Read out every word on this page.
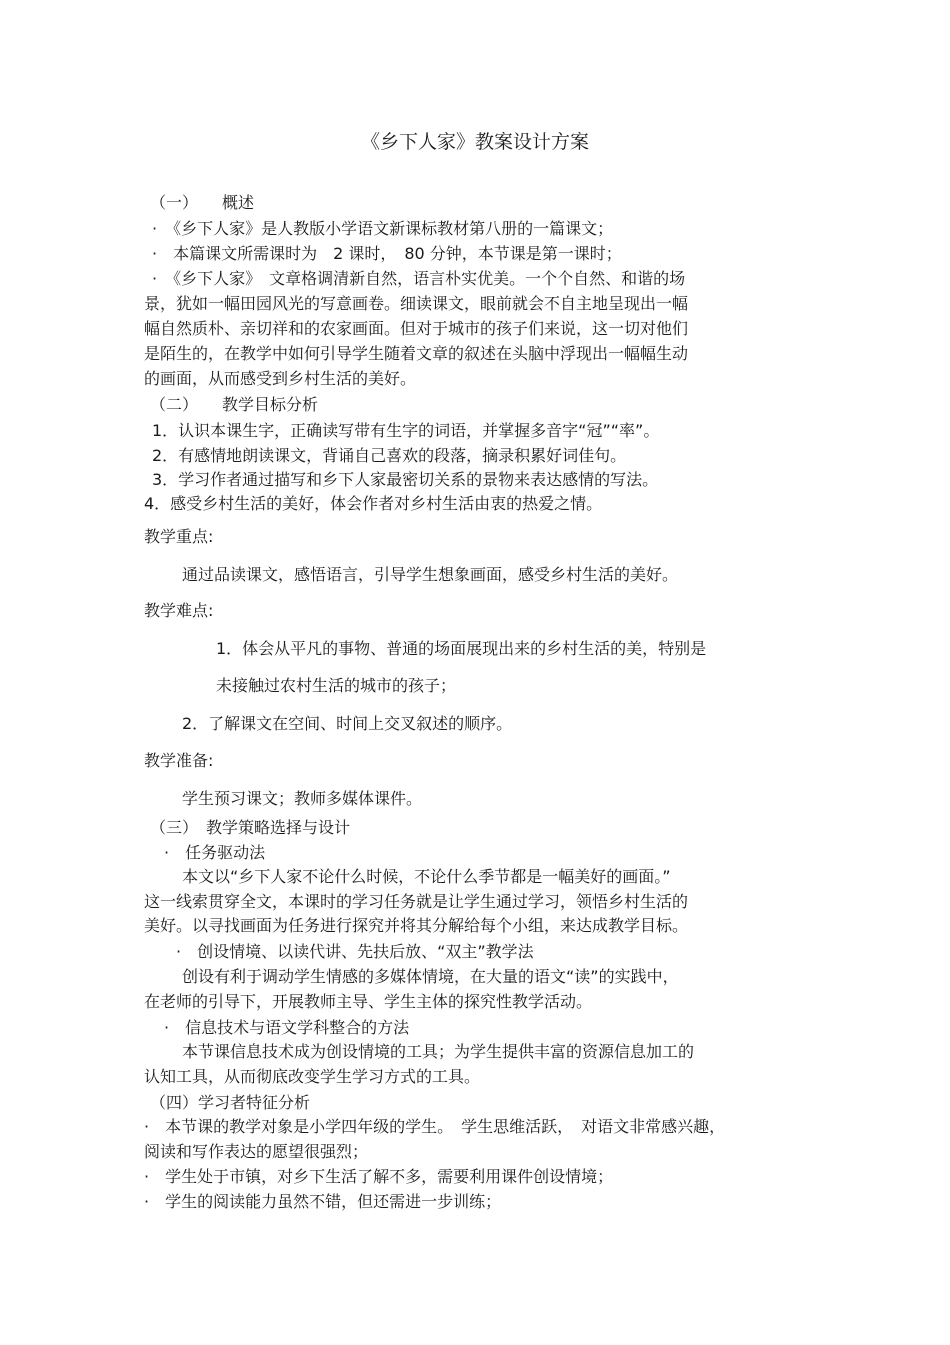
《乡下人家》教案设计方案
（一）　　概述
·　《乡下人家》是人教版小学语文新课标教材第八册的一篇课文；
·　本篇课文所需课时为　2 课时，　80 分钟，本节课是第一课时；
·　《乡下人家》　文章格调清新自然，语言朴实优美。一个个自然、和谐的场
景，犹如一幅田园风光的写意画卷。细读课文，眼前就会不自主地呈现出一幅
幅自然质朴、亲切祥和的农家画面。但对于城市的孩子们来说，这一切对他们
是陌生的，在教学中如何引导学生随着文章的叙述在头脑中浮现出一幅幅生动
的画面，从而感受到乡村生活的美好。
（二）　　教学目标分析
1．认识本课生字，正确读写带有生字的词语，并掌握多音字“冠”“率”。
2．有感情地朗读课文，背诵自己喜欢的段落，摘录积累好词佳句。
3．学习作者通过描写和乡下人家最密切关系的景物来表达感情的写法。
4．感受乡村生活的美好，体会作者对乡村生活由衷的热爱之情。
教学重点:
通过品读课文，感悟语言，引导学生想象画面，感受乡村生活的美好。
教学难点:
1．体会从平凡的事物、普通的场面展现出来的乡村生活的美，特别是
未接触过农村生活的城市的孩子；
2．了解课文在空间、时间上交叉叙述的顺序。
教学准备:
学生预习课文；教师多媒体课件。
（三）　教学策略选择与设计
·　任务驱动法
本文以“乡下人家不论什么时候，不论什么季节都是一幅美好的画面。”
这一线索贯穿全文，本课时的学习任务就是让学生通过学习，领悟乡村生活的
美好。以寻找画面为任务进行探究并将其分解给每个小组，来达成教学目标。
·　创设情境、以读代讲、先扶后放、“双主”教学法
创设有利于调动学生情感的多媒体情境，在大量的语文“读”的实践中，
在老师的引导下，开展教师主导、学生主体的探究性教学活动。
·　信息技术与语文学科整合的方法
本节课信息技术成为创设情境的工具；为学生提供丰富的资源信息加工的
认知工具，从而彻底改变学生学习方式的工具。
（四）学习者特征分析
·　本节课的教学对象是小学四年级的学生。　学生思维活跃，　对语文非常感兴趣，
阅读和写作表达的愿望很强烈；
·　学生处于市镇，对乡下生活了解不多，需要利用课件创设情境；
·　学生的阅读能力虽然不错，但还需进一步训练；
